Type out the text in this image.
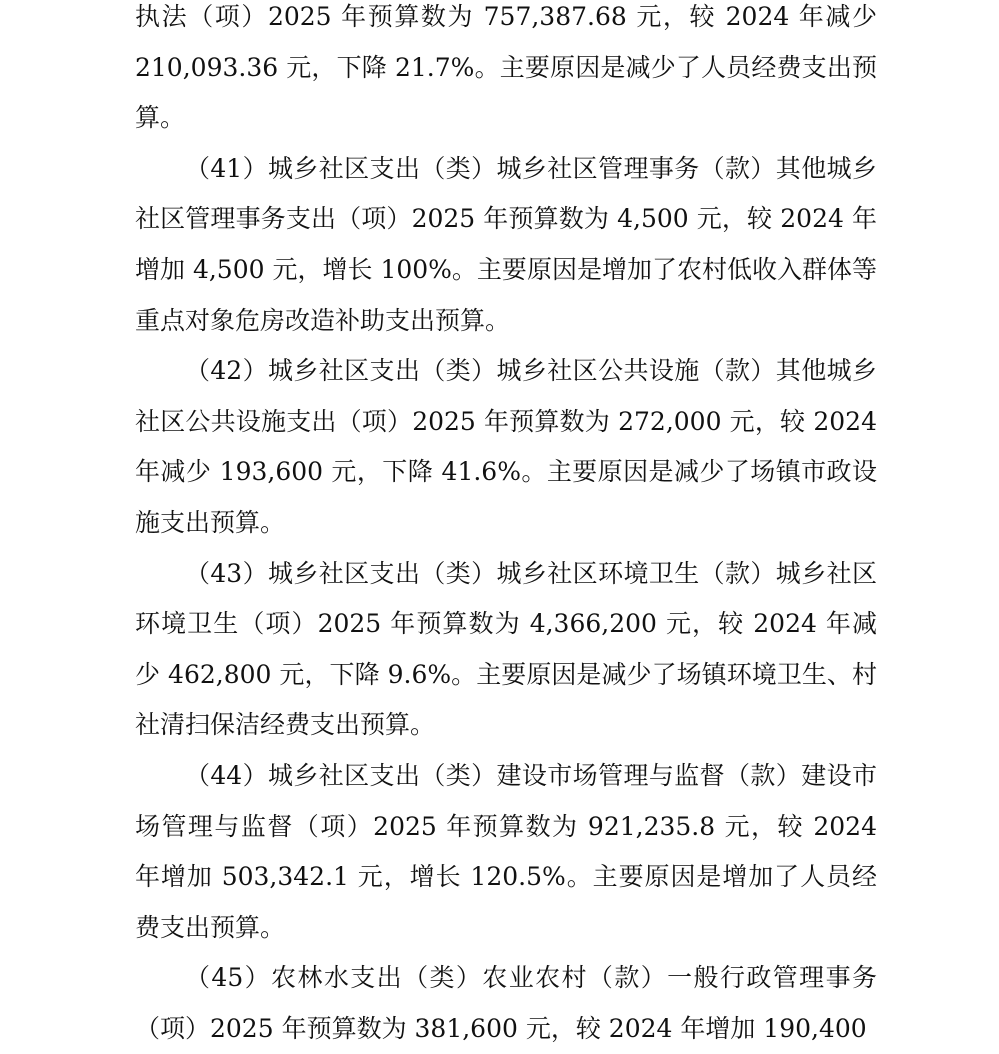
执法（项）2025 年预算数为 757,387.68 元，较 2024 年减少 210,093.36 元，下降 21.7%。主要原因是减少了人员经费支出预算。

（41）城乡社区支出（类）城乡社区管理事务（款）其他城乡社区管理事务支出（项）2025 年预算数为 4,500 元，较 2024 年增加 4,500 元，增长 100%。主要原因是增加了农村低收入群体等重点对象危房改造补助支出预算。

（42）城乡社区支出（类）城乡社区公共设施（款）其他城乡社区公共设施支出（项）2025 年预算数为 272,000 元，较 2024 年减少 193,600 元，下降 41.6%。主要原因是减少了场镇市政设施支出预算。

（43）城乡社区支出（类）城乡社区环境卫生（款）城乡社区环境卫生（项）2025 年预算数为 4,366,200 元，较 2024 年减少 462,800 元，下降 9.6%。主要原因是减少了场镇环境卫生、村社清扫保洁经费支出预算。

（44）城乡社区支出（类）建设市场管理与监督（款）建设市场管理与监督（项）2025 年预算数为 921,235.8 元，较 2024 年增加 503,342.1 元，增长 120.5%。主要原因是增加了人员经费支出预算。

（45）农林水支出（类）农业农村（款）一般行政管理事务（项）2025 年预算数为 381,600 元，较 2024 年增加 190,400
